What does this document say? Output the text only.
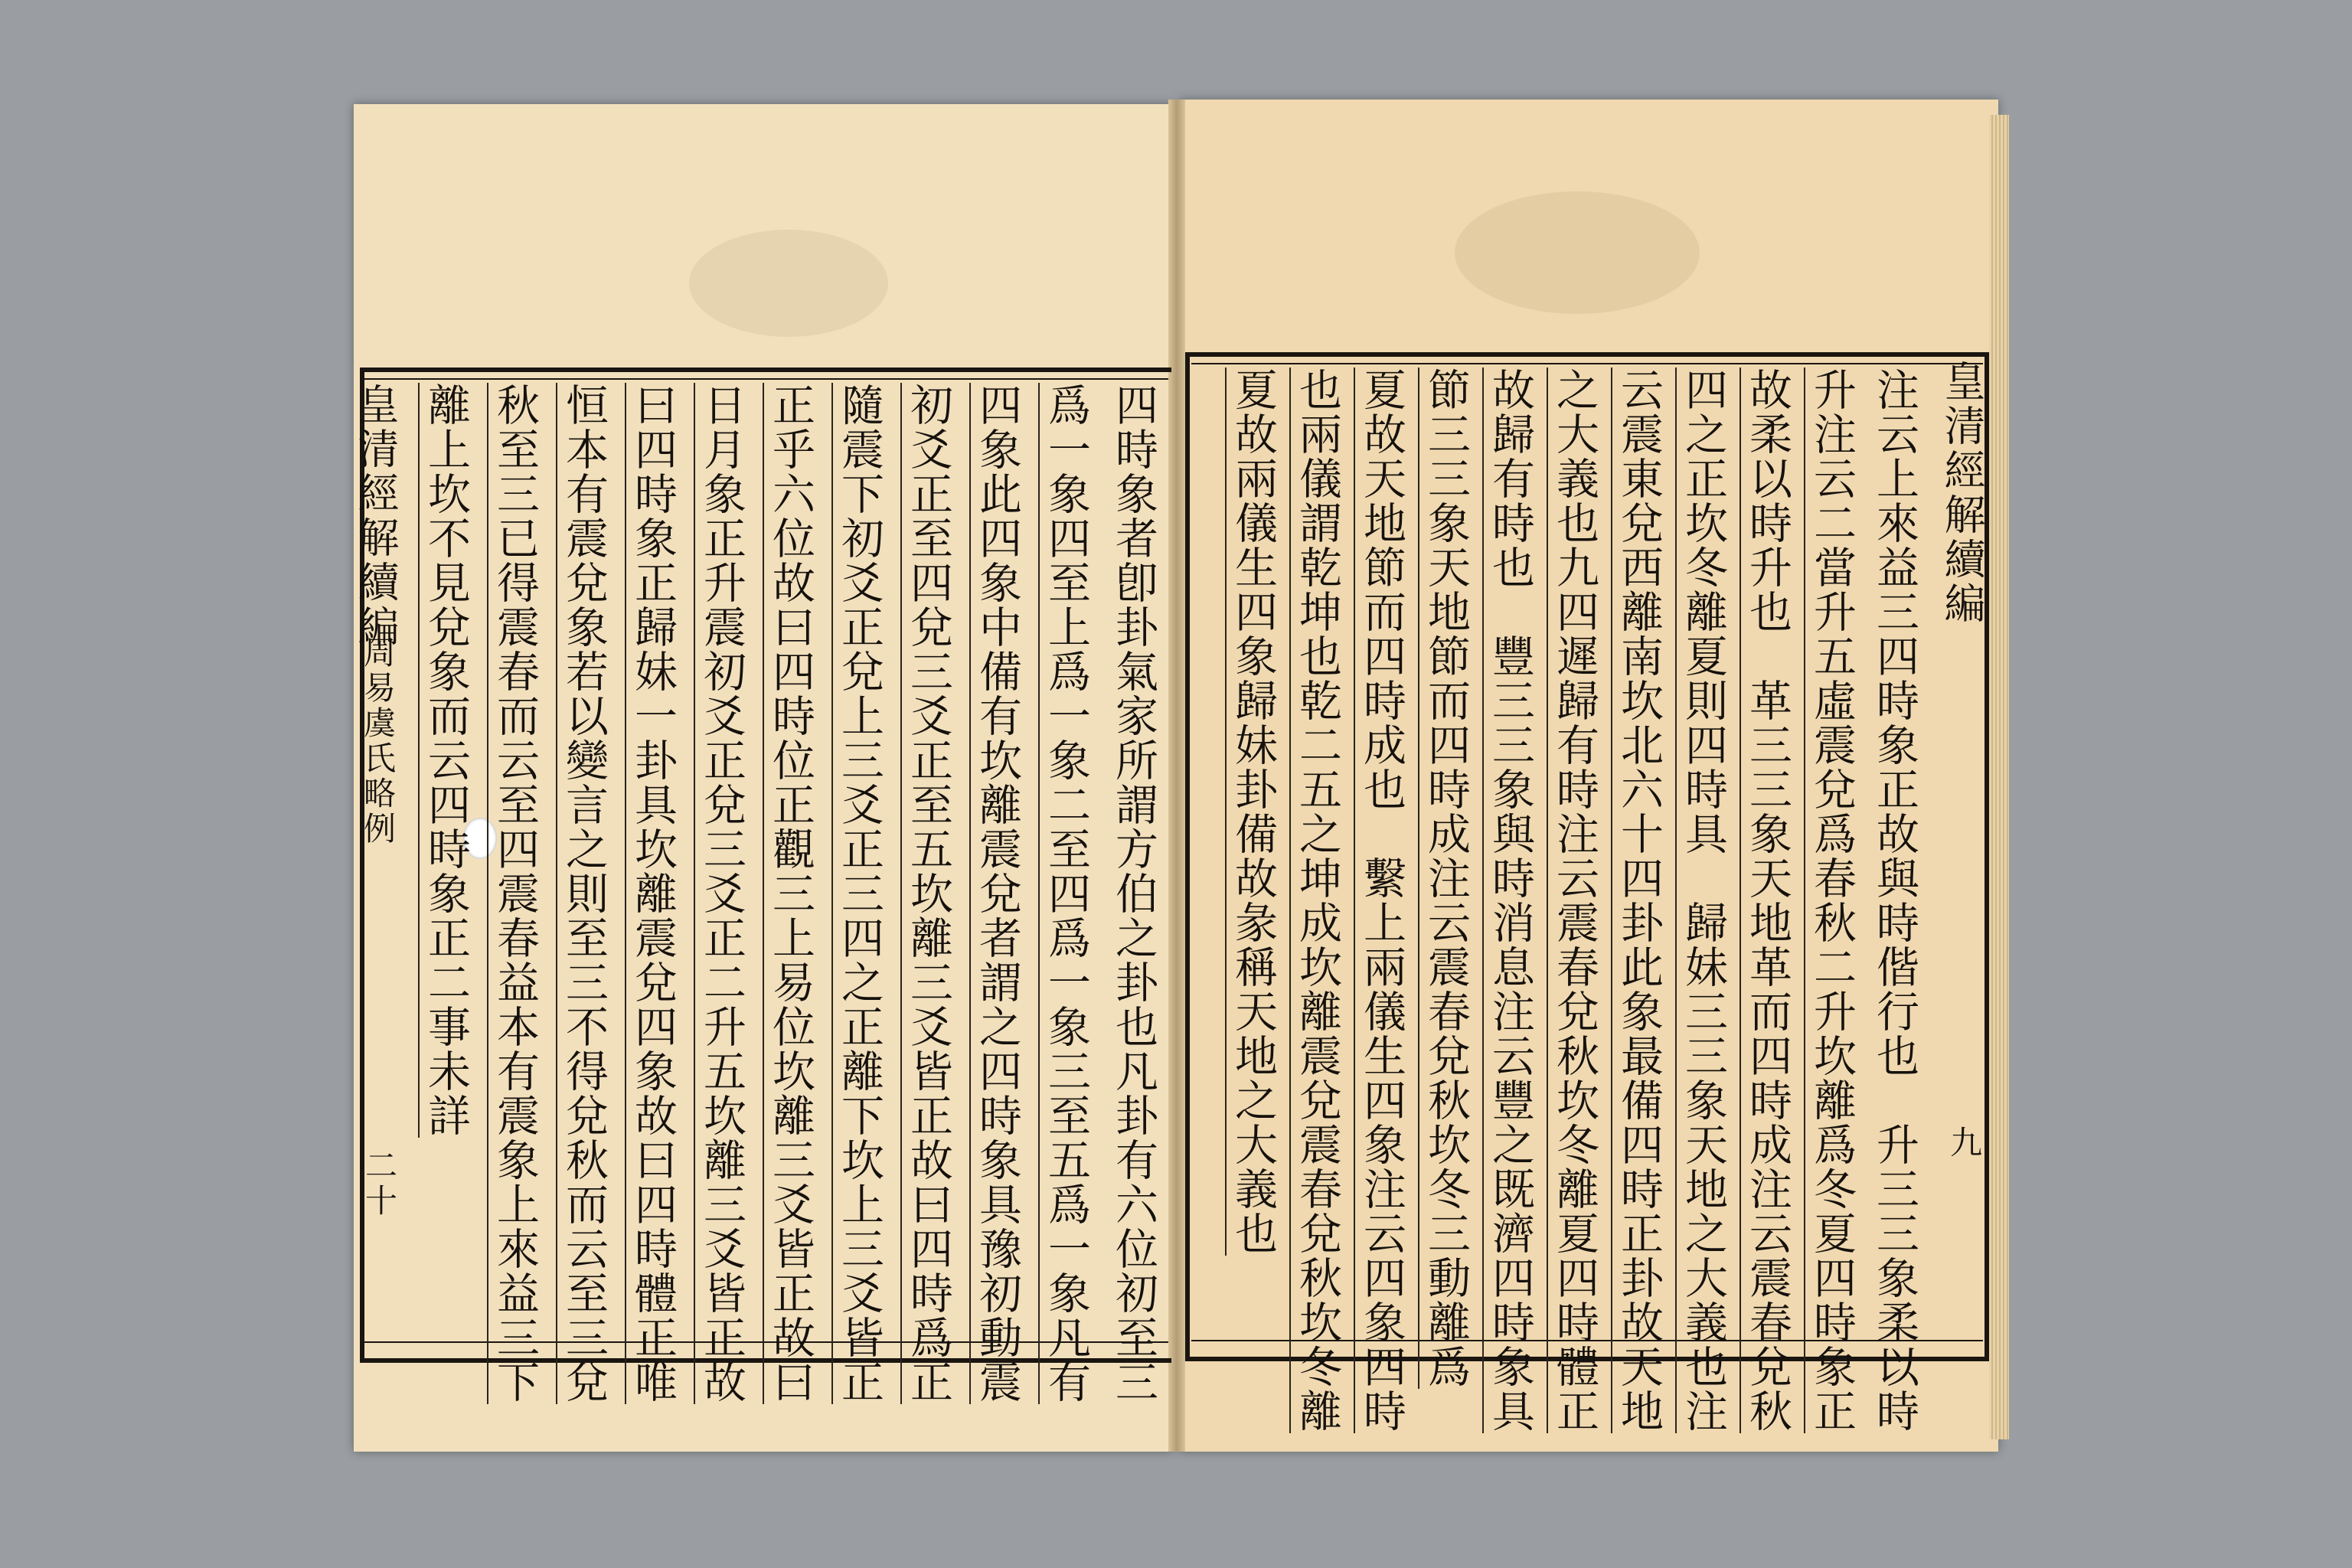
皇清經解續編
周易虞氏略例
二十	四時象者卽卦氣家所謂方伯之卦也凡卦有六位初至三
爲一象四至上爲一象二至四爲一象三至五爲一象凡有
四象此四象中備有坎離震兌者謂之四時象具豫初動震
初爻正至四兌三爻正至五坎離三爻皆正故曰四時爲正
隨震下初爻正兌上三爻正三四之正離下坎上三爻皆正
正乎六位故曰四時位正觀三上易位坎離三爻皆正故曰
日月象正升震初爻正兌三爻正二升五坎離三爻皆正故
曰四時象正歸妹一卦具坎離震兌四象故曰四時體正唯
恒本有震兌象若以變言之則至三不得兌秋而云至三兌
秋至三已得震春而云至四震春益本有震象上來益三下
離上坎不見兌象而云四時象正二事未詳	皇清經解續編
九
注云上來益三四時象正故與時偕行也　升三三象柔以時
升注云二當升五虛震兌爲春秋二升坎離爲冬夏四時象正
故柔以時升也　革三三象天地革而四時成注云震春兌秋
四之正坎冬離夏則四時具　歸妹三三象天地之大義也注
云震東兌西離南坎北六十四卦此象最備四時正卦故天地
之大義也九四遲歸有時注云震春兌秋坎冬離夏四時體正
故歸有時也　豐三三象與時消息注云豐之既濟四時象具
節三三象天地節而四時成注云震春兌秋坎冬三動離爲
夏故天地節而四時成也　繫上兩儀生四象注云四象四時
也兩儀謂乾坤也乾二五之坤成坎離震兌震春兌秋坎冬離
夏故兩儀生四象歸妹卦備故彖稱天地之大義也
